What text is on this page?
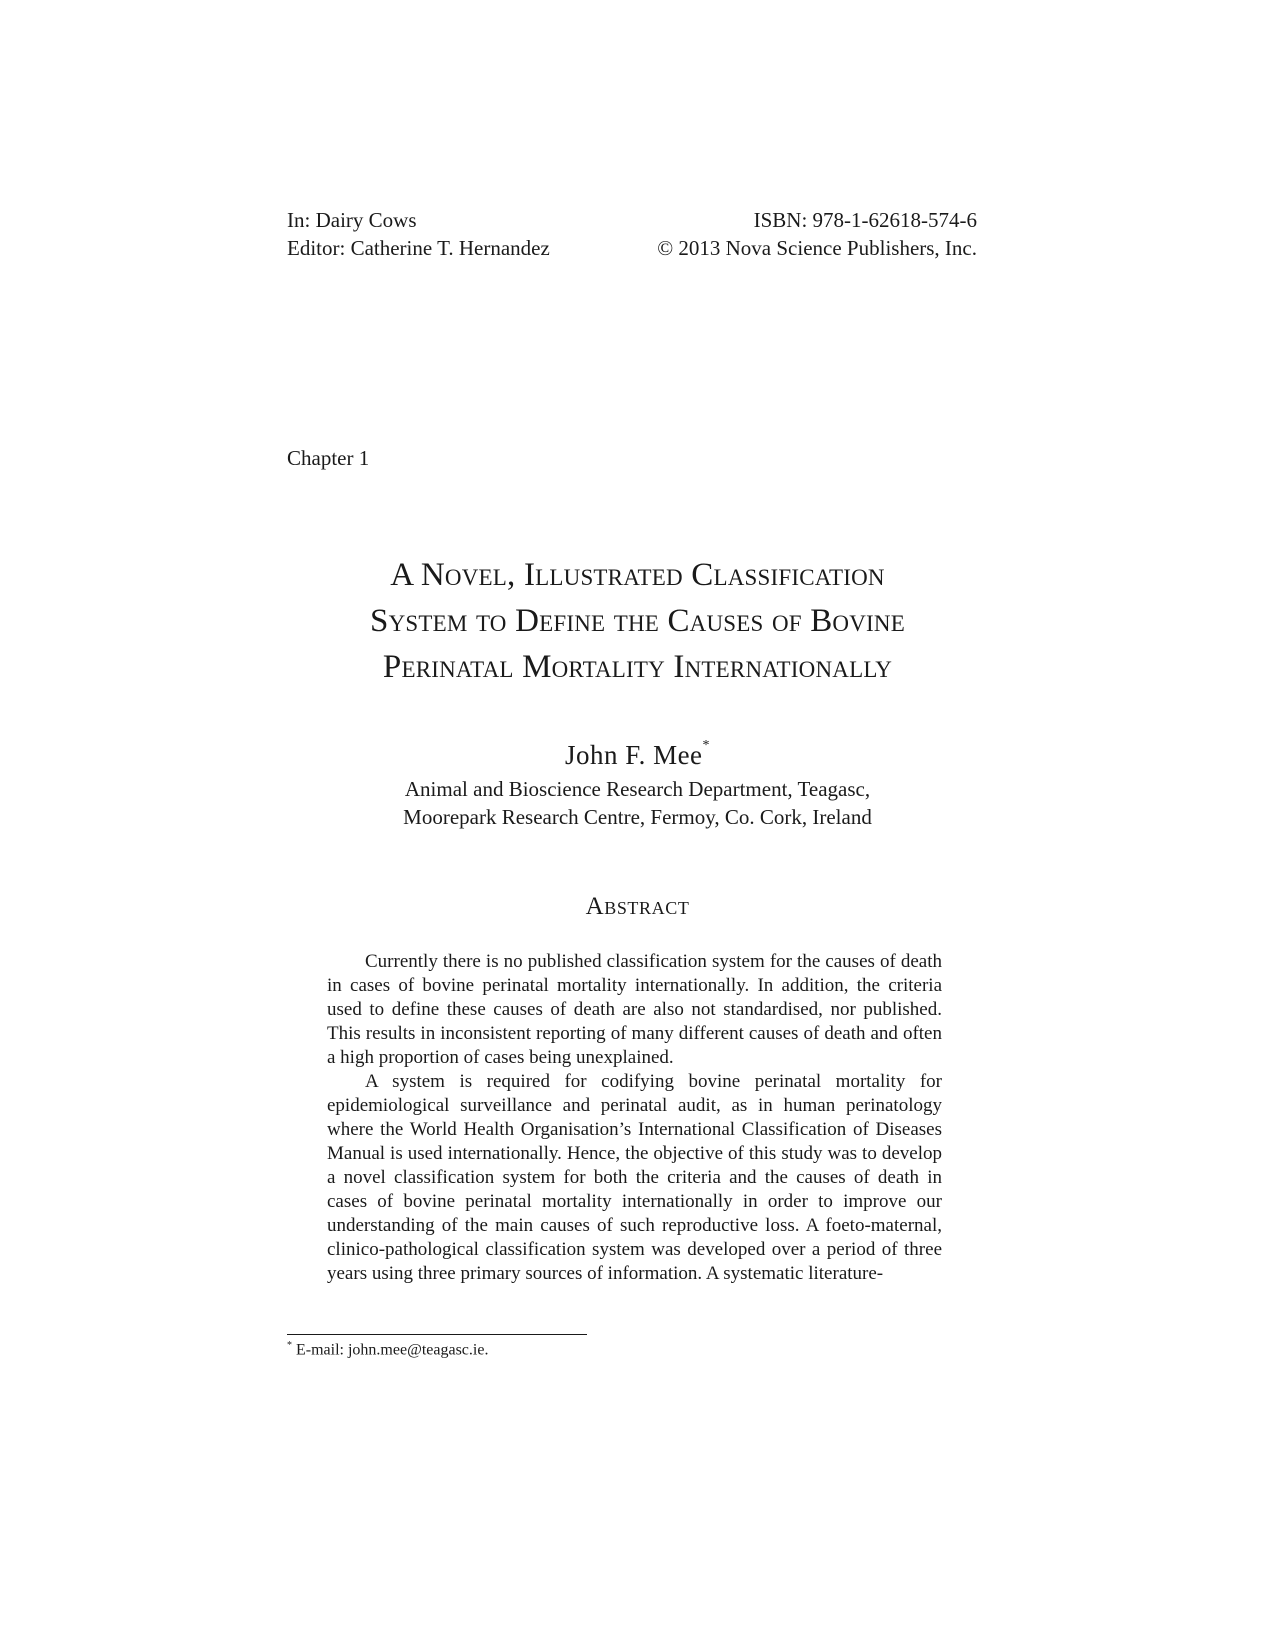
In: Dairy Cows	ISBN: 978-1-62618-574-6
Editor: Catherine T. Hernandez	© 2013 Nova Science Publishers, Inc.
Chapter 1
A Novel, Illustrated Classification
System to Define the Causes of Bovine
Perinatal Mortality Internationally
John F. Mee*
Animal and Bioscience Research Department, Teagasc,
Moorepark Research Centre, Fermoy, Co. Cork, Ireland
Abstract

Currently there is no published classification system for the causes of death in cases of bovine perinatal mortality internationally. In addition, the criteria used to define these causes of death are also not standardised, nor published. This results in inconsistent reporting of many different causes of death and often a high proportion of cases being unexplained.

A system is required for codifying bovine perinatal mortality for epidemiological surveillance and perinatal audit, as in human perinatology where the World Health Organisation’s International Classification of Diseases Manual is used internationally. Hence, the objective of this study was to develop a novel classification system for both the criteria and the causes of death in cases of bovine perinatal mortality internationally in order to improve our understanding of the main causes of such reproductive loss. A foeto-maternal, clinico-pathological classification system was developed over a period of three years using three primary sources of information. A systematic literature-

* E-mail: john.mee@teagasc.ie.
